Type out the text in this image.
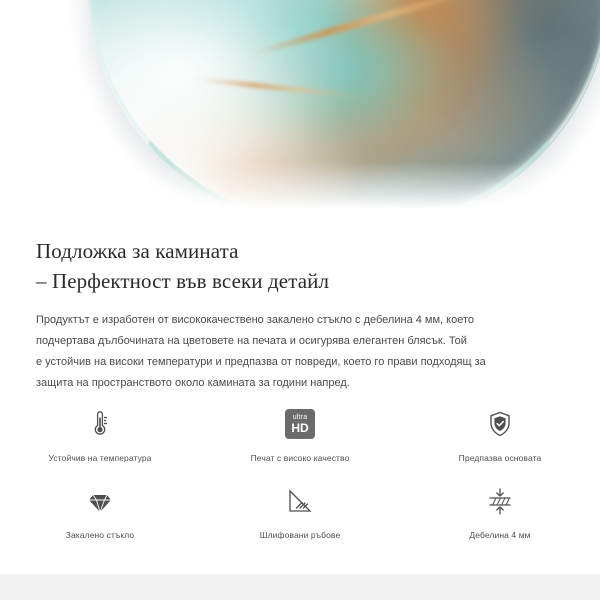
Подложка за камината
– Перфектност във всеки детайл

Продуктът е изработен от висококачествено закалено стъкло с дебелина 4 мм, което
подчертава дълбочината на цветовете на печата и осигурява елегантен блясък. Той
е устойчив на високи температури и предпазва от повреди, което го прави подходящ за
защита на пространството около камината за години напред.

Устойчив на температура
ultra
HD
Печат с високо качество	Предпазва основата
Закалено стъкло	Шлифовани ръбове	Дебелина 4 мм
